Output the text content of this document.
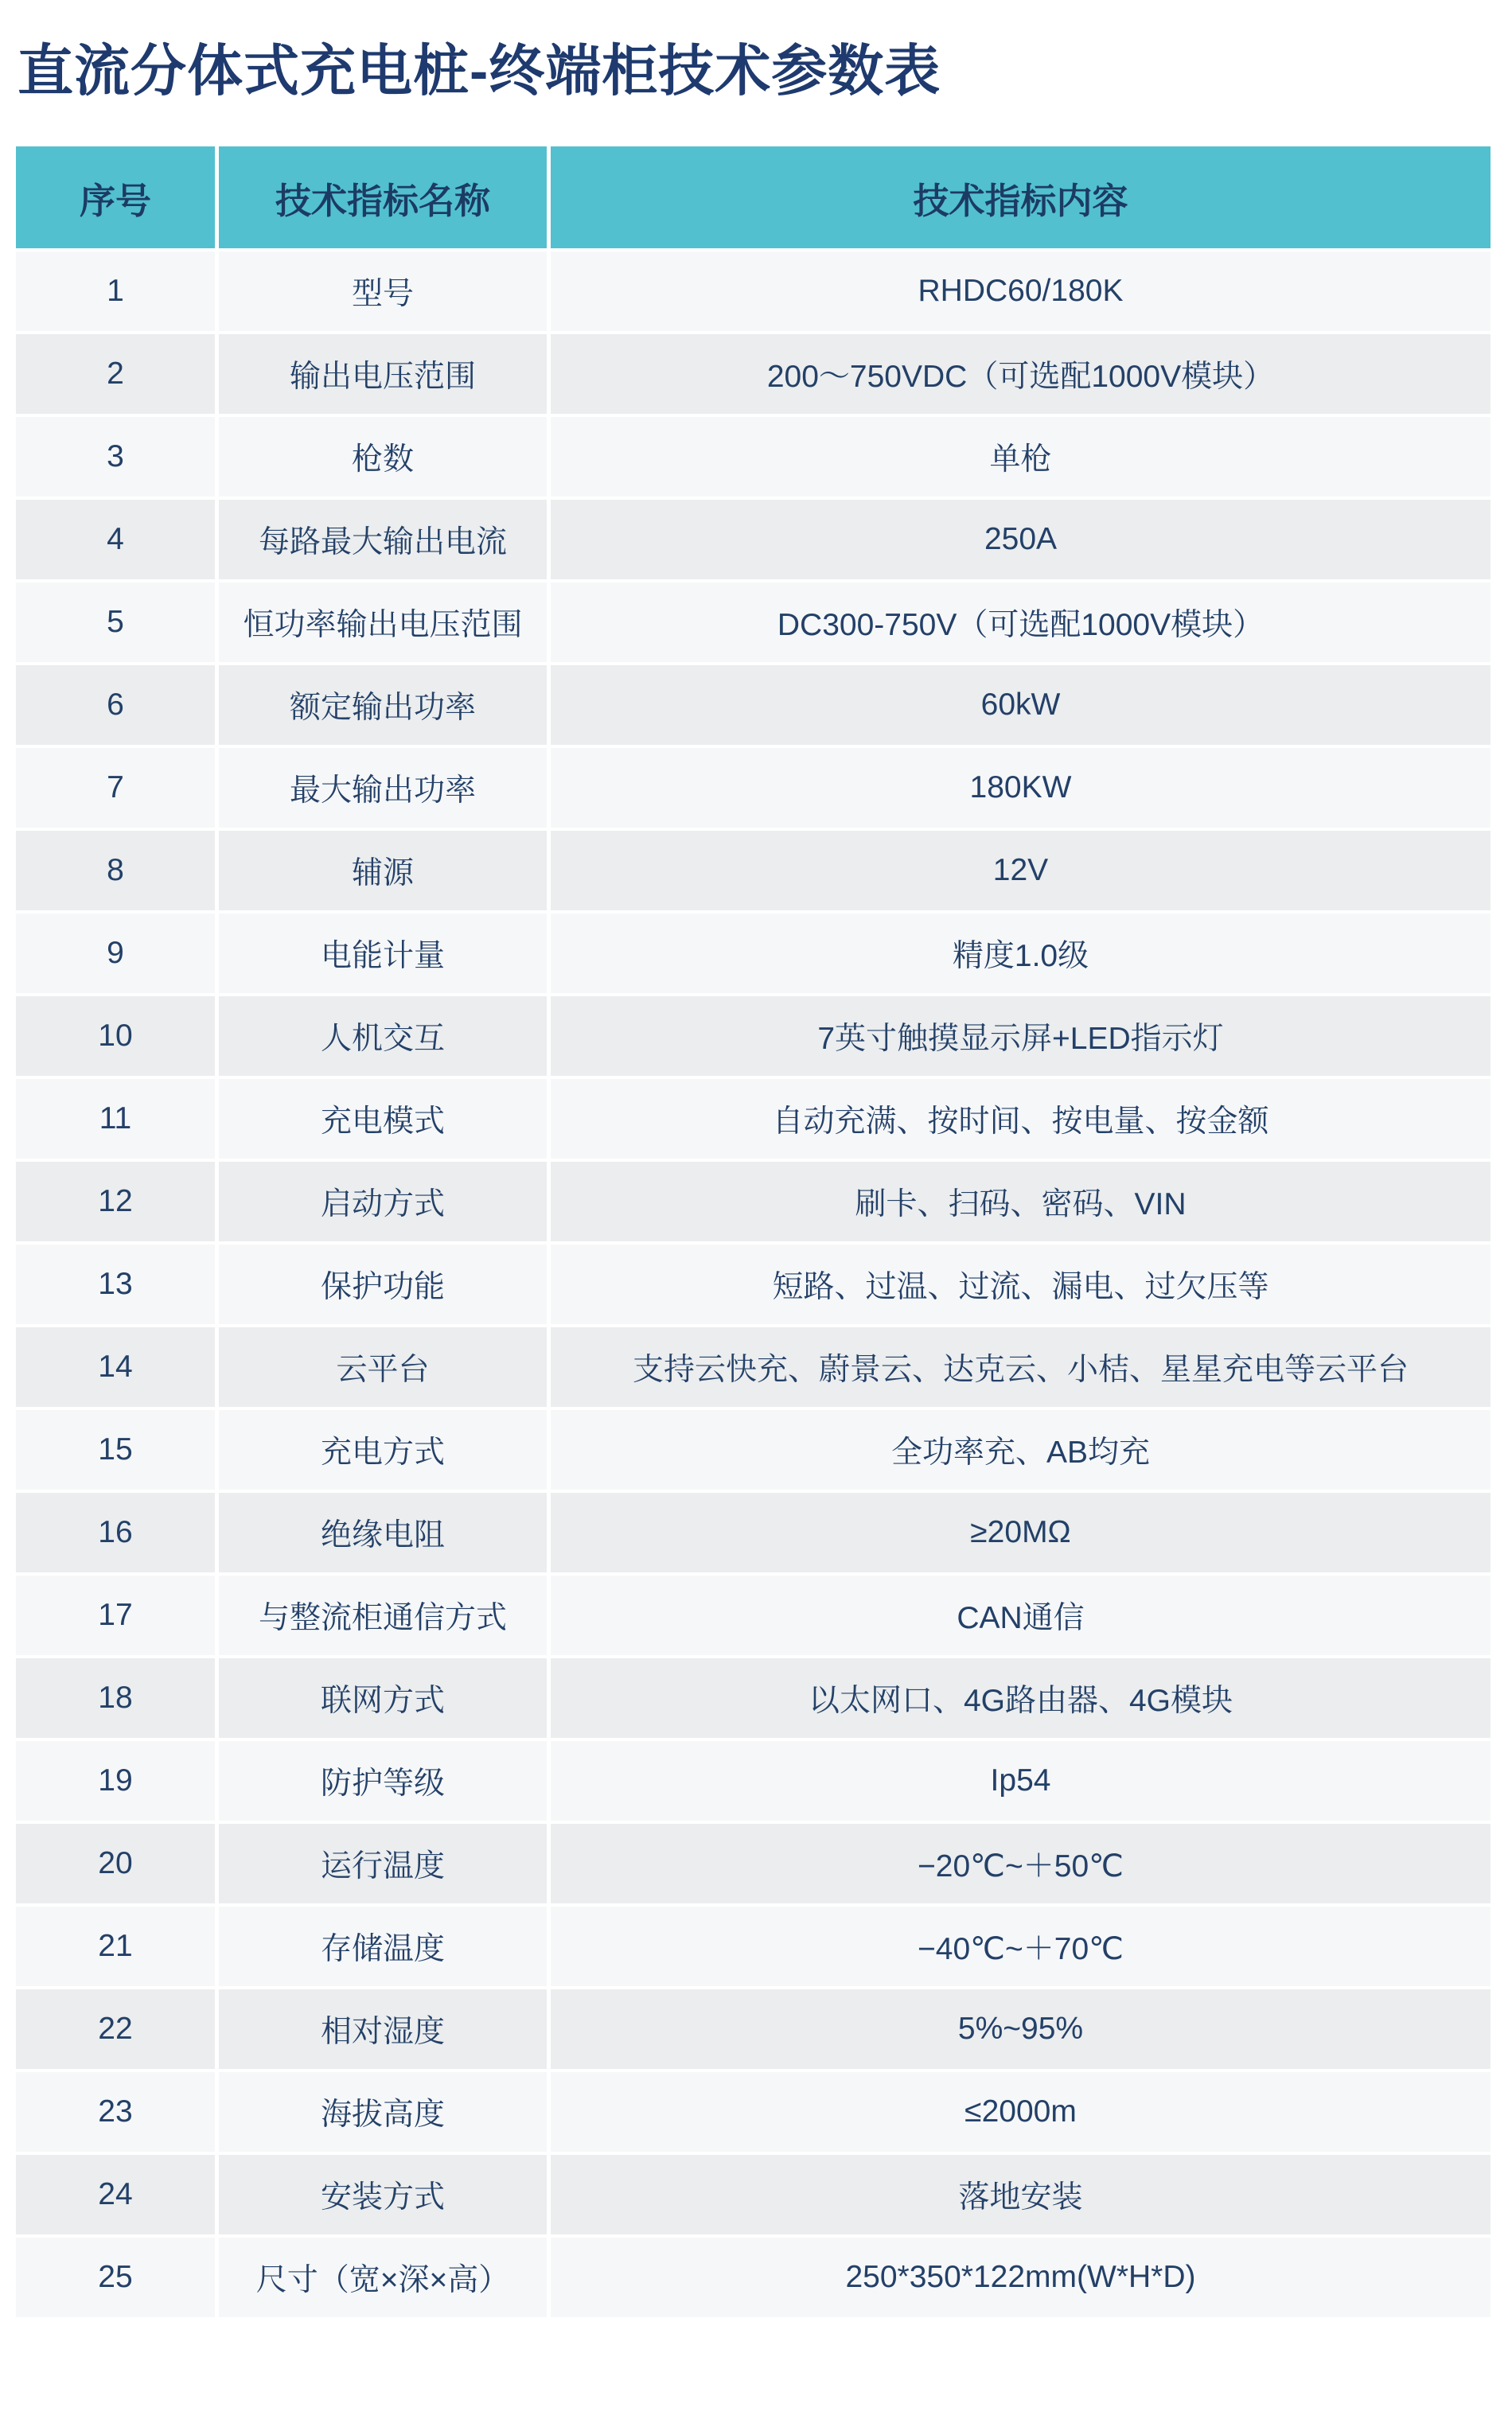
直流分体式充电桩-终端柜技术参数表
序号	技术指标名称	技术指标内容
1	型号	RHDC60/180K
2	输出电压范围	200～750VDC（可选配1000V模块）
3	枪数	单枪
4	每路最大输出电流	250A
5	恒功率输出电压范围	DC300-750V（可选配1000V模块）
6	额定输出功率	60kW
7	最大输出功率	180KW
8	辅源	12V
9	电能计量	精度1.0级
10	人机交互	7英寸触摸显示屏+LED指示灯
11	充电模式	自动充满、按时间、按电量、按金额
12	启动方式	刷卡、扫码、密码、VIN
13	保护功能	短路、过温、过流、漏电、过欠压等
14	云平台	支持云快充、蔚景云、达克云、小桔、星星充电等云平台
15	充电方式	全功率充、AB均充
16	绝缘电阻	≥20MΩ
17	与整流柜通信方式	CAN通信
18	联网方式	以太网口、4G路由器、4G模块
19	防护等级	Ip54
20	运行温度	−20℃~＋50℃
21	存储温度	−40℃~＋70℃
22	相对湿度	5%~95%
23	海拔高度	≤2000m
24	安装方式	落地安装
25	尺寸（宽×深×高）	250*350*122mm(W*H*D)
